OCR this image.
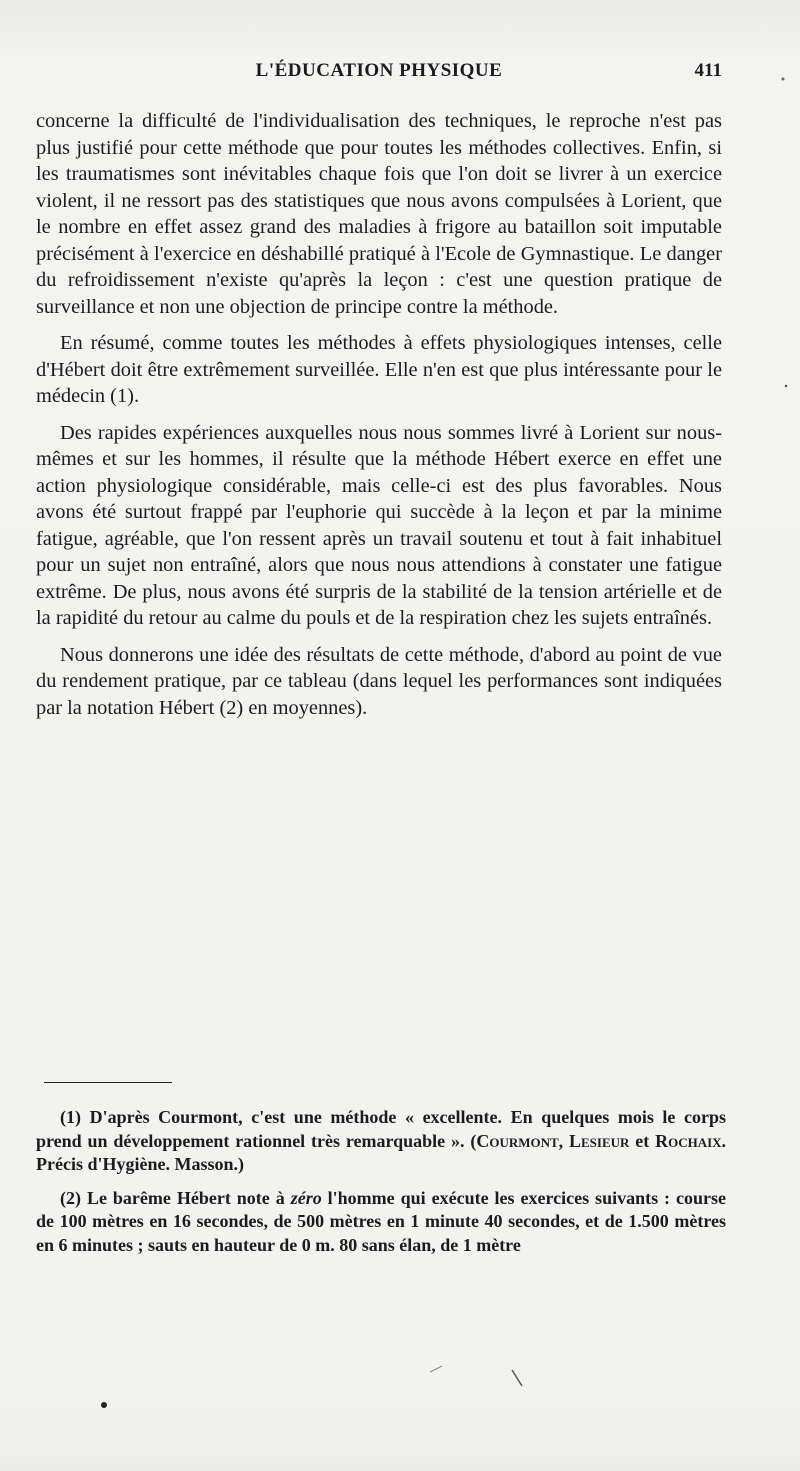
L'ÉDUCATION PHYSIQUE	411

concerne la difficulté de l'individualisation des techniques, le reproche n'est pas plus justifié pour cette méthode que pour toutes les méthodes collectives. Enfin, si les traumatismes sont inévitables chaque fois que l'on doit se livrer à un exercice violent, il ne ressort pas des statistiques que nous avons compulsées à Lorient, que le nombre en effet assez grand des maladies à frigore au bataillon soit imputable précisément à l'exercice en déshabillé pratiqué à l'Ecole de Gymnastique. Le danger du refroidissement n'existe qu'après la leçon : c'est une question pratique de surveillance et non une objection de principe contre la méthode.

En résumé, comme toutes les méthodes à effets physiologiques intenses, celle d'Hébert doit être extrêmement surveillée. Elle n'en est que plus intéressante pour le médecin (1).

Des rapides expériences auxquelles nous nous sommes livré à Lorient sur nous-mêmes et sur les hommes, il résulte que la méthode Hébert exerce en effet une action physiologique considérable, mais celle-ci est des plus favorables. Nous avons été surtout frappé par l'euphorie qui succède à la leçon et par la minime fatigue, agréable, que l'on ressent après un travail soutenu et tout à fait inhabituel pour un sujet non entraîné, alors que nous nous attendions à constater une fatigue extrême. De plus, nous avons été surpris de la stabilité de la tension artérielle et de la rapidité du retour au calme du pouls et de la respiration chez les sujets entraînés.

Nous donnerons une idée des résultats de cette méthode, d'abord au point de vue du rendement pratique, par ce tableau (dans lequel les performances sont indiquées par la notation Hébert (2) en moyennes).

(1) D'après Courmont, c'est une méthode « excellente. En quelques mois le corps prend un développement rationnel très remarquable ». (Courmont, Lesieur et Rochaix. Précis d'Hygiène. Masson.)

(2) Le barême Hébert note à zéro l'homme qui exécute les exercices suivants : course de 100 mètres en 16 secondes, de 500 mètres en 1 minute 40 secondes, et de 1.500 mètres en 6 minutes ; sauts en hauteur de 0 m. 80 sans élan, de 1 mètre
